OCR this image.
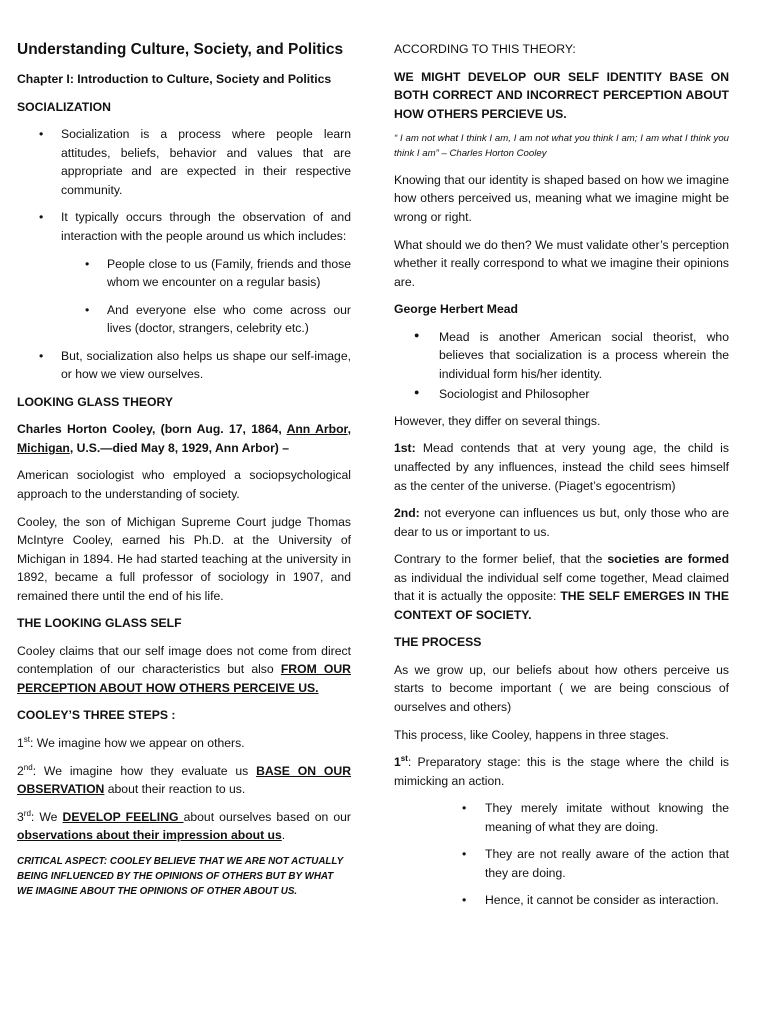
Understanding Culture, Society, and Politics

Chapter I: Introduction to Culture, Society and Politics

SOCIALIZATION

• Socialization is a process where people learn attitudes, beliefs, behavior and values that are appropriate and are expected in their respective community.
• It typically occurs through the observation of and interaction with the people around us which includes:
• People close to us (Family, friends and those whom we encounter on a regular basis)
• And everyone else who come across our lives (doctor, strangers, celebrity etc.)
• But, socialization also helps us shape our self-image, or how we view ourselves.

LOOKING GLASS THEORY

Charles Horton Cooley, (born Aug. 17, 1864, Ann Arbor, Michigan, U.S.—died May 8, 1929, Ann Arbor) –

American sociologist who employed a sociopsychological approach to the understanding of society.

Cooley, the son of Michigan Supreme Court judge Thomas McIntyre Cooley, earned his Ph.D. at the University of Michigan in 1894. He had started teaching at the university in 1892, became a full professor of sociology in 1907, and remained there until the end of his life.

THE LOOKING GLASS SELF

Cooley claims that our self image does not come from direct contemplation of our characteristics but also FROM OUR PERCEPTION ABOUT HOW OTHERS PERCEIVE US.

COOLEY’S THREE STEPS :

1st: We imagine how we appear on others.

2nd: We imagine how they evaluate us BASE ON OUR OBSERVATION about their reaction to us.

3rd: We DEVELOP FEELING about ourselves based on our observations about their impression about us.

CRITICAL ASPECT: COOLEY BELIEVE THAT WE ARE NOT ACTUALLY BEING INFLUENCED BY THE OPINIONS OF OTHERS BUT BY WHAT WE IMAGINE ABOUT THE OPINIONS OF OTHER ABOUT US.

ACCORDING TO THIS THEORY:

WE MIGHT DEVELOP OUR SELF IDENTITY BASE ON BOTH CORRECT AND INCORRECT PERCEPTION ABOUT HOW OTHERS PERCIEVE US.

“ I am not what I think I am, I am not what you think I am; I am what I think you think I am” – Charles Horton Cooley

Knowing that our identity is shaped based on how we imagine how others perceived us, meaning what we imagine might be wrong or right.

What should we do then? We must validate other’s perception whether it really correspond to what we imagine their opinions are.

George Herbert Mead

● Mead is another American social theorist, who believes that socialization is a process wherein the individual form his/her identity.
● Sociologist and Philosopher

However, they differ on several things.

1st: Mead contends that at very young age, the child is unaffected by any influences, instead the child sees himself as the center of the universe. (Piaget’s egocentrism)

2nd: not everyone can influences us but, only those who are dear to us or important to us.

Contrary to the former belief, that the societies are formed as individual the individual self come together, Mead claimed that it is actually the opposite: THE SELF EMERGES IN THE CONTEXT OF SOCIETY.

THE PROCESS

As we grow up, our beliefs about how others perceive us starts to become important ( we are being conscious of ourselves and others)

This process, like Cooley, happens in three stages.

1st: Preparatory stage: this is the stage where the child is mimicking an action.

• They merely imitate without knowing the meaning of what they are doing.
• They are not really aware of the action that they are doing.
• Hence, it cannot be consider as interaction.
